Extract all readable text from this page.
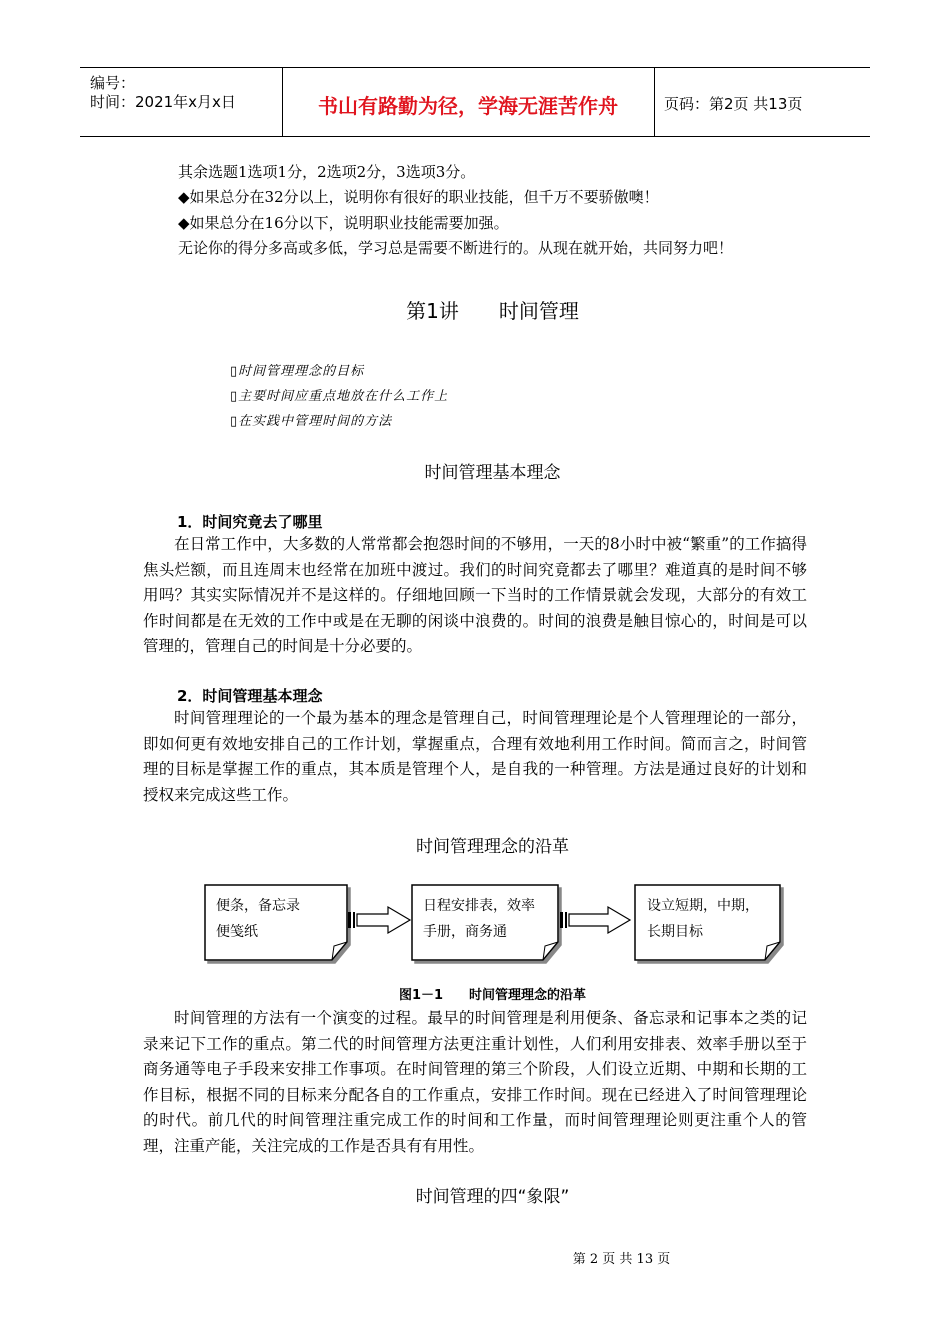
编号：
时间：2021年x月x日	书山有路勤为径，学海无涯苦作舟	页码：第2页 共13页
其余选题1选项1分，2选项2分，3选项3分。
◆如果总分在32分以上，说明你有很好的职业技能，但千万不要骄傲噢！
◆如果总分在16分以下，说明职业技能需要加强。
无论你的得分多高或多低，学习总是需要不断进行的。从现在就开始，共同努力吧！
第1讲　　时间管理
▯时间管理理念的目标
▯主要时间应重点地放在什么工作上
▯在实践中管理时间的方法
时间管理基本理念
1．时间究竟去了哪里

在日常工作中，大多数的人常常都会抱怨时间的不够用，一天的8小时中被“繁重”的工作搞得焦头烂额，而且连周末也经常在加班中渡过。我们的时间究竟都去了哪里？难道真的是时间不够用吗？其实实际情况并不是这样的。仔细地回顾一下当时的工作情景就会发现，大部分的有效工作时间都是在无效的工作中或是在无聊的闲谈中浪费的。时间的浪费是触目惊心的，时间是可以管理的，管理自己的时间是十分必要的。

2．时间管理基本理念

时间管理理论的一个最为基本的理念是管理自己，时间管理理论是个人管理理论的一部分，即如何更有效地安排自己的工作计划，掌握重点，合理有效地利用工作时间。简而言之，时间管理的目标是掌握工作的重点，其本质是管理个人，是自我的一种管理。方法是通过良好的计划和授权来完成这些工作。

时间管理理念的沿革
便条，备忘录
便笺纸
日程安排表，效率
手册，商务通
设立短期，中期，
长期目标
图1－1　　时间管理理念的沿革

时间管理的方法有一个演变的过程。最早的时间管理是利用便条、备忘录和记事本之类的记录来记下工作的重点。第二代的时间管理方法更注重计划性，人们利用安排表、效率手册以至于商务通等电子手段来安排工作事项。在时间管理的第三个阶段，人们设立近期、中期和长期的工作目标，根据不同的目标来分配各自的工作重点，安排工作时间。现在已经进入了时间管理理论的时代。前几代的时间管理注重完成工作的时间和工作量，而时间管理理论则更注重个人的管理，注重产能，关注完成的工作是否具有有用性。

时间管理的四“象限”
第 2 页 共 13 页
